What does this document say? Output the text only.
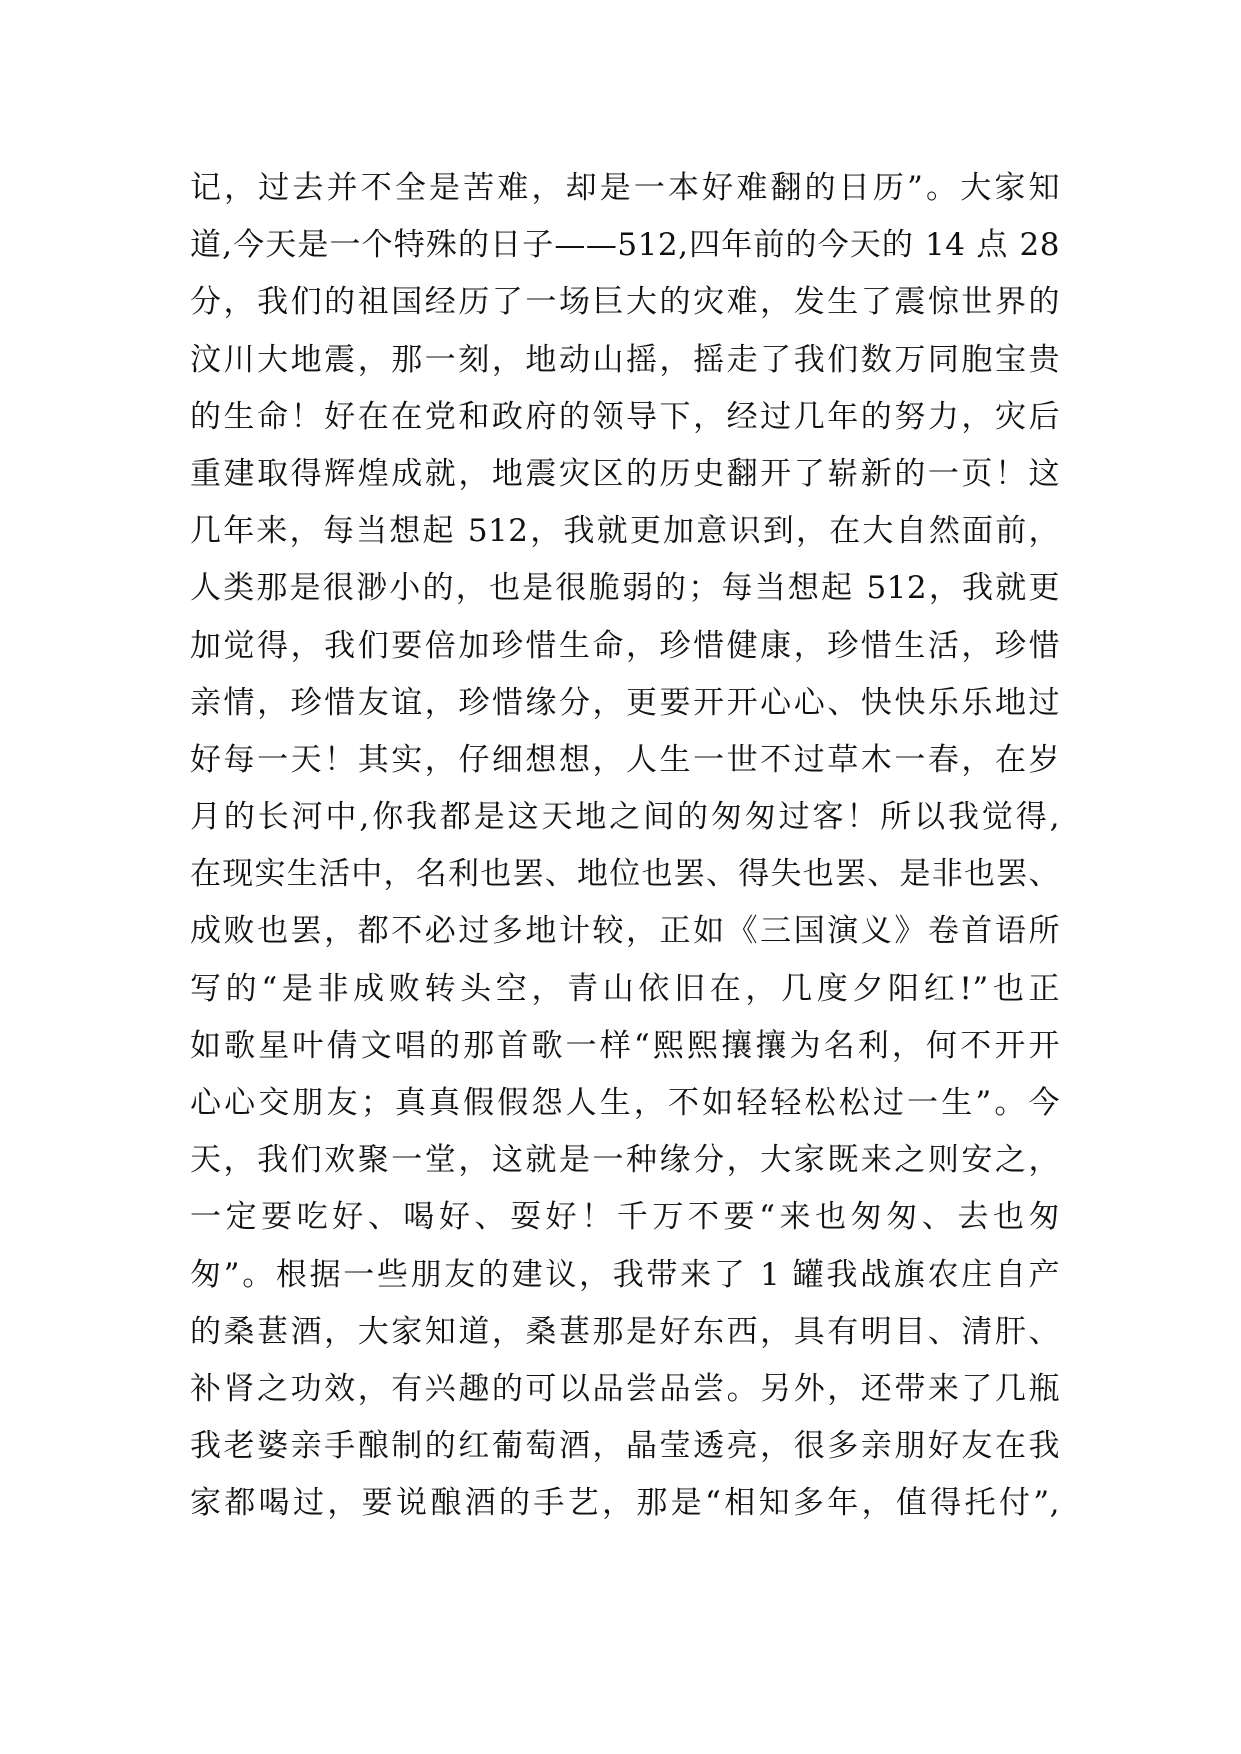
记，过去并不全是苦难，却是一本好难翻的日历”。大家知
道,今天是一个特殊的日子——512,四年前的今天的 14 点 28
分，我们的祖国经历了一场巨大的灾难，发生了震惊世界的
汶川大地震，那一刻，地动山摇，摇走了我们数万同胞宝贵
的生命！好在在党和政府的领导下，经过几年的努力，灾后
重建取得辉煌成就，地震灾区的历史翻开了崭新的一页！这
几年来，每当想起 512，我就更加意识到，在大自然面前，
人类那是很渺小的，也是很脆弱的；每当想起 512，我就更
加觉得，我们要倍加珍惜生命，珍惜健康，珍惜生活，珍惜
亲情，珍惜友谊，珍惜缘分，更要开开心心、快快乐乐地过
好每一天！其实，仔细想想，人生一世不过草木一春，在岁
月的长河中,你我都是这天地之间的匆匆过客！所以我觉得,
在现实生活中，名利也罢、地位也罢、得失也罢、是非也罢、
成败也罢，都不必过多地计较，正如《三国演义》卷首语所
写的“是非成败转头空，青山依旧在，几度夕阳红!”也正
如歌星叶倩文唱的那首歌一样“熙熙攘攘为名利，何不开开
心心交朋友；真真假假怨人生，不如轻轻松松过一生”。今
天，我们欢聚一堂，这就是一种缘分，大家既来之则安之，
一定要吃好、喝好、耍好！千万不要“来也匆匆、去也匆
匆”。根据一些朋友的建议，我带来了 1 罐我战旗农庄自产
的桑葚酒，大家知道，桑葚那是好东西，具有明目、清肝、
补肾之功效，有兴趣的可以品尝品尝。另外，还带来了几瓶
我老婆亲手酿制的红葡萄酒，晶莹透亮，很多亲朋好友在我
家都喝过，要说酿酒的手艺，那是“相知多年，值得托付”,
